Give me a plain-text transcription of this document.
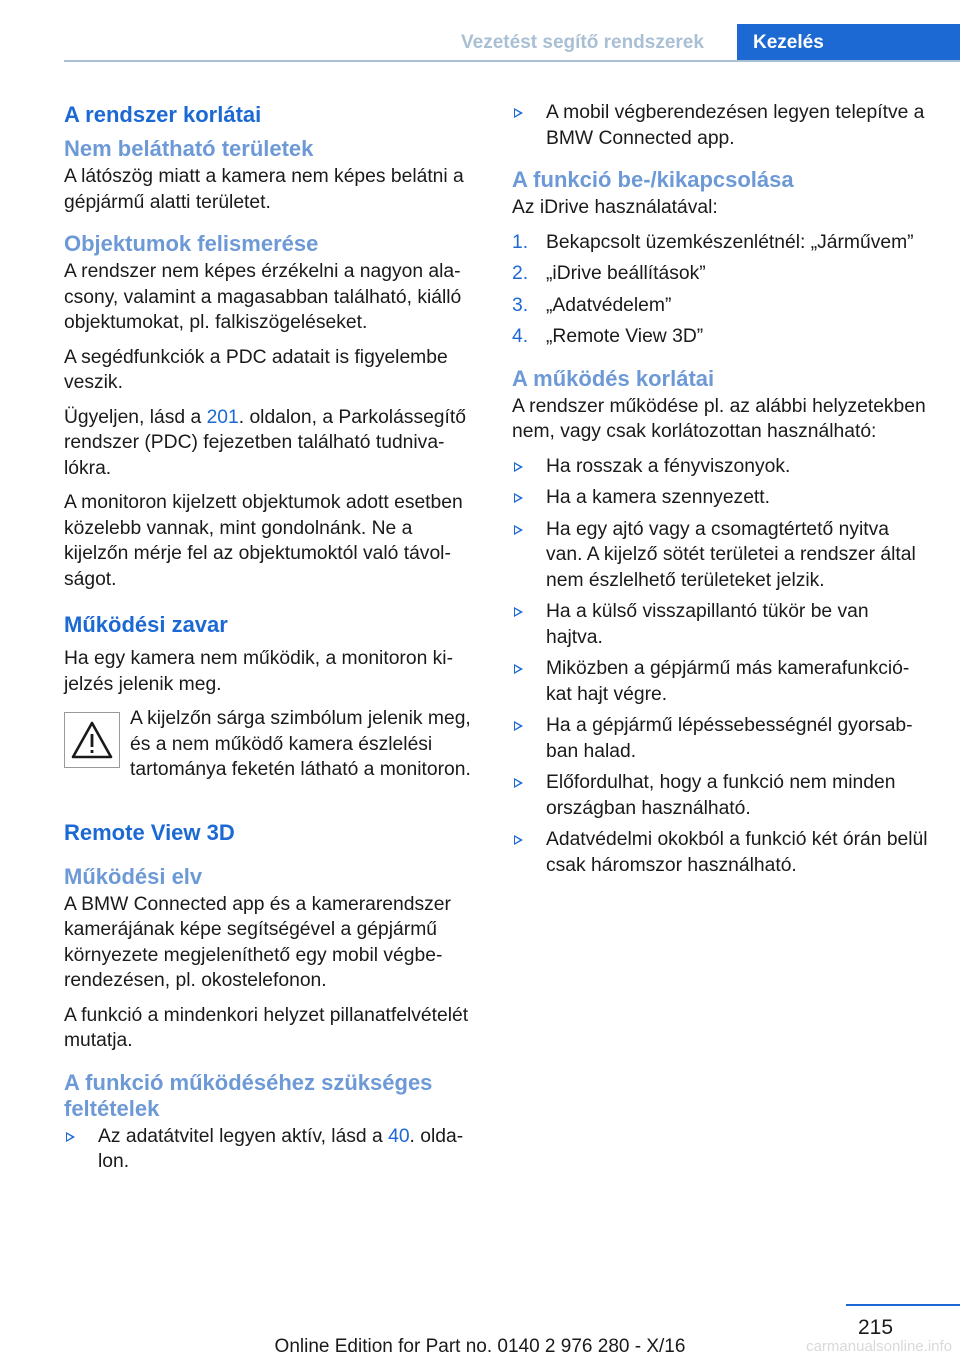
Vezetést segítő rendszerek	Kezelés
A rendszer korlátai
Nem belátható területek

A látószög miatt a kamera nem képes belátni a gépjármű alatti területet.

Objektumok felismerése

A rendszer nem képes érzékelni a nagyon alacsony, valamint a magasabban található, kiálló objektumokat, pl. falkiszögeléseket.

A segédfunkciók a PDC adatait is figyelembe veszik.

Ügyeljen, lásd a 201. oldalon, a Parkolássegítő rendszer (PDC) fejezetben található tudnivalókra.

A monitoron kijelzett objektumok adott esetben közelebb vannak, mint gondolnánk. Ne a kijelzőn mérje fel az objektumoktól való távolságot.

Működési zavar

Ha egy kamera nem működik, a monitoron kijelzés jelenik meg.

A kijelzőn sárga szimbólum jelenik meg, és a nem működő kamera észlelési tartománya feketén látható a monitoron.

Remote View 3D
Működési elv

A BMW Connected app és a kamerarendszer kamerájának képe segítségével a gépjármű környezete megjeleníthető egy mobil végberendezésen, pl. okostelefonon.

A funkció a mindenkori helyzet pillanatfelvételét mutatja.

A funkció működéséhez szükséges feltételek
Az adatátvitel legyen aktív, lásd a 40. oldalon.
A mobil végberendezésen legyen telepítve a BMW Connected app.
A funkció be-/kikapcsolása

Az iDrive használatával:

1. Bekapcsolt üzemkészenlétnél: „Járművem”
2. „iDrive beállítások”
3. „Adatvédelem”
4. „Remote View 3D”
A működés korlátai

A rendszer működése pl. az alábbi helyzetekben nem, vagy csak korlátozottan használható:

Ha rosszak a fényviszonyok.
Ha a kamera szennyezett.
Ha egy ajtó vagy a csomagtértető nyitva van. A kijelző sötét területei a rendszer által nem észlelhető területeket jelzik.
Ha a külső visszapillantó tükör be van hajtva.
Miközben a gépjármű más kamerafunkciókat hajt végre.
Ha a gépjármű lépéssebességnél gyorsabban halad.
Előfordulhat, hogy a funkció nem minden országban használható.
Adatvédelmi okokból a funkció két órán belül csak háromszor használható.
215
Online Edition for Part no. 0140 2 976 280 - X/16	carmanualsonline.info
